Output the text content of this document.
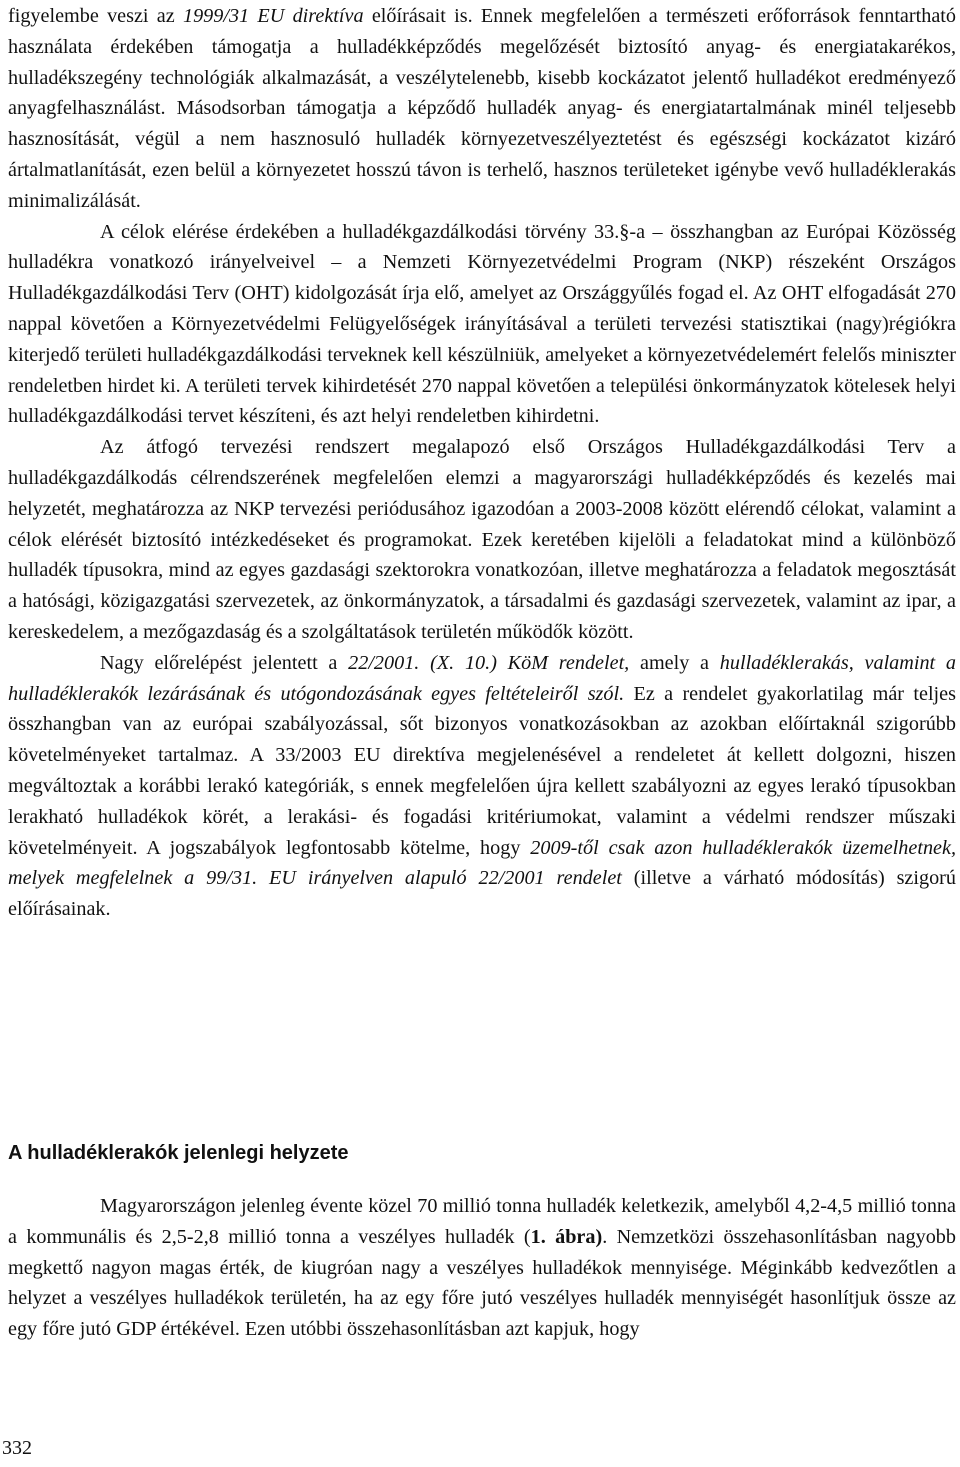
figyelembe veszi az 1999/31 EU direktíva előírásait is. Ennek megfelelően a természeti erőforrások fenntartható használata érdekében támogatja a hulladékképződés megelőzését biztosító anyag- és energiatakarékos, hulladékszegény technológiák alkalmazását, a veszélytelenebb, kisebb kockázatot jelentő hulladékot eredményező anyagfelhasználást. Másodsorban támogatja a képződő hulladék anyag- és energiatartalmának minél teljesebb hasznosítását, végül a nem hasznosuló hulladék környezetveszélyeztetést és egészségi kockázatot kizáró ártalmatlanítását, ezen belül a környezetet hosszú távon is terhelő, hasznos területeket igénybe vevő hulladéklerakás minimalizálását.

A célok elérése érdekében a hulladékgazdálkodási törvény 33.§-a – összhangban az Európai Közösség hulladékra vonatkozó irányelveivel – a Nemzeti Környezetvédelmi Program (NKP) részeként Országos Hulladékgazdálkodási Terv (OHT) kidolgozását írja elő, amelyet az Országgyűlés fogad el. Az OHT elfogadását 270 nappal követően a Környezetvédelmi Felügyelőségek irányításával a területi tervezési statisztikai (nagy)régiókra kiterjedő területi hulladékgazdálkodási terveknek kell készülniük, amelyeket a környezetvédelemért felelős miniszter rendeletben hirdet ki. A területi tervek kihirdetését 270 nappal követően a települési önkormányzatok kötelesek helyi hulladékgazdálkodási tervet készíteni, és azt helyi rendeletben kihirdetni.

Az átfogó tervezési rendszert megalapozó első Országos Hulladékgazdálkodási Terv a hulladékgazdálkodás célrendszerének megfelelően elemzi a magyarországi hulladékképződés és kezelés mai helyzetét, meghatározza az NKP tervezési periódusához igazodóan a 2003-2008 között elérendő célokat, valamint a célok elérését biztosító intézkedéseket és programokat. Ezek keretében kijelöli a feladatokat mind a különböző hulladék típusokra, mind az egyes gazdasági szektorokra vonatkozóan, illetve meghatározza a feladatok megosztását a hatósági, közigazgatási szervezetek, az önkormányzatok, a társadalmi és gazdasági szervezetek, valamint az ipar, a kereskedelem, a mezőgazdaság és a szolgáltatások területén működők között.

Nagy előrelépést jelentett a 22/2001. (X. 10.) KöM rendelet, amely a hulladéklerakás, valamint a hulladéklerakók lezárásának és utógondozásának egyes feltételeiről szól. Ez a rendelet gyakorlatilag már teljes összhangban van az európai szabályozással, sőt bizonyos vonatkozásokban az azokban előírtaknál szigorúbb követelményeket tartalmaz. A 33/2003 EU direktíva megjelenésével a rendeletet át kellett dolgozni, hiszen megváltoztak a korábbi lerakó kategóriák, s ennek megfelelően újra kellett szabályozni az egyes lerakó típusokban lerakható hulladékok körét, a lerakási- és fogadási kritériumokat, valamint a védelmi rendszer műszaki követelményeit. A jogszabályok legfontosabb kötelme, hogy 2009-től csak azon hulladéklerakók üzemelhetnek, melyek megfelelnek a 99/31. EU irányelven alapuló 22/2001 rendelet (illetve a várható módosítás) szigorú előírásainak.

A hulladéklerakók jelenlegi helyzete

Magyarországon jelenleg évente közel 70 millió tonna hulladék keletkezik, amelyből 4,2-4,5 millió tonna a kommunális és 2,5-2,8 millió tonna a veszélyes hulladék (1. ábra). Nemzetközi összehasonlításban nagyobb megkettő nagyon magas érték, de kiugróan nagy a veszélyes hulladékok mennyisége. Méginkább kedvezőtlen a helyzet a veszélyes hulladékok területén, ha az egy főre jutó veszélyes hulladék mennyiségét hasonlítjuk össze az egy főre jutó GDP értékével. Ezen utóbbi összehasonlításban azt kapjuk, hogy

332
